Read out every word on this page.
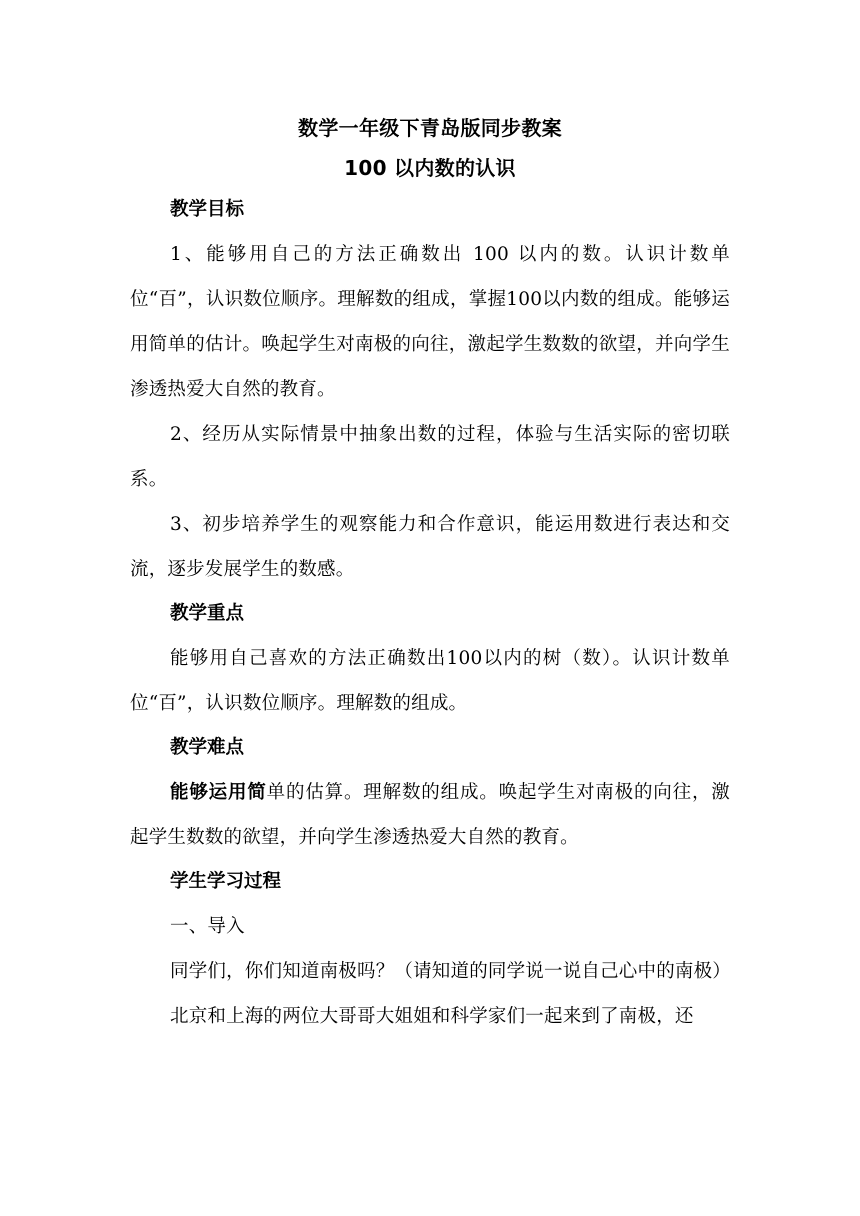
数学一年级下青岛版同步教案
100 以内数的认识

教学目标

1、能够用自己的方法正确数出 100 以内的数。认识计数单位“百”，认识数位顺序。理解数的组成，掌握100以内数的组成。能够运用简单的估计。唤起学生对南极的向往，激起学生数数的欲望，并向学生渗透热爱大自然的教育。

2、经历从实际情景中抽象出数的过程，体验与生活实际的密切联系。

3、初步培养学生的观察能力和合作意识，能运用数进行表达和交流，逐步发展学生的数感。

教学重点

能够用自己喜欢的方法正确数出100以内的树（数）。认识计数单位“百”，认识数位顺序。理解数的组成。

教学难点

能够运用简单的估算。理解数的组成。唤起学生对南极的向往，激起学生数数的欲望，并向学生渗透热爱大自然的教育。

学生学习过程

一、导入

同学们，你们知道南极吗？（请知道的同学说一说自己心中的南极）

北京和上海的两位大哥哥大姐姐和科学家们一起来到了南极，还
